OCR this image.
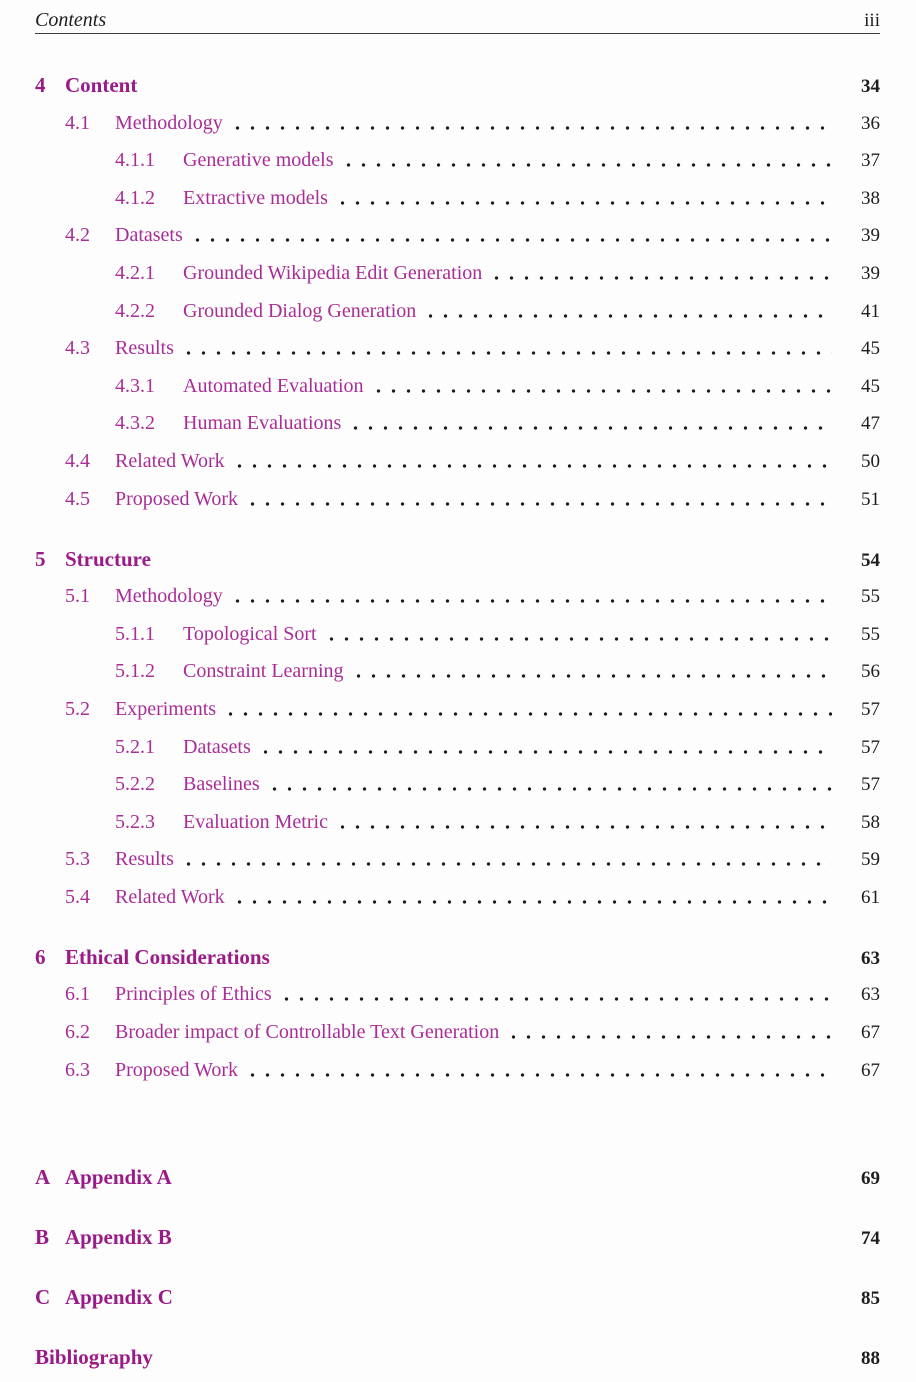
Contents	iii
4 Content	34
4.1	Methodology	36
4.1.1	Generative models	37
4.1.2	Extractive models	38
4.2	Datasets	39
4.2.1	Grounded Wikipedia Edit Generation	39
4.2.2	Grounded Dialog Generation	41
4.3	Results	45
4.3.1	Automated Evaluation	45
4.3.2	Human Evaluations	47
4.4	Related Work	50
4.5	Proposed Work	51
5 Structure	54
5.1	Methodology	55
5.1.1	Topological Sort	55
5.1.2	Constraint Learning	56
5.2	Experiments	57
5.2.1	Datasets	57
5.2.2	Baselines	57
5.2.3	Evaluation Metric	58
5.3	Results	59
5.4	Related Work	61
6 Ethical Considerations	63
6.1	Principles of Ethics	63
6.2	Broader impact of Controllable Text Generation	67
6.3	Proposed Work	67
A Appendix A	69
B Appendix B	74
C Appendix C	85
Bibliography	88
